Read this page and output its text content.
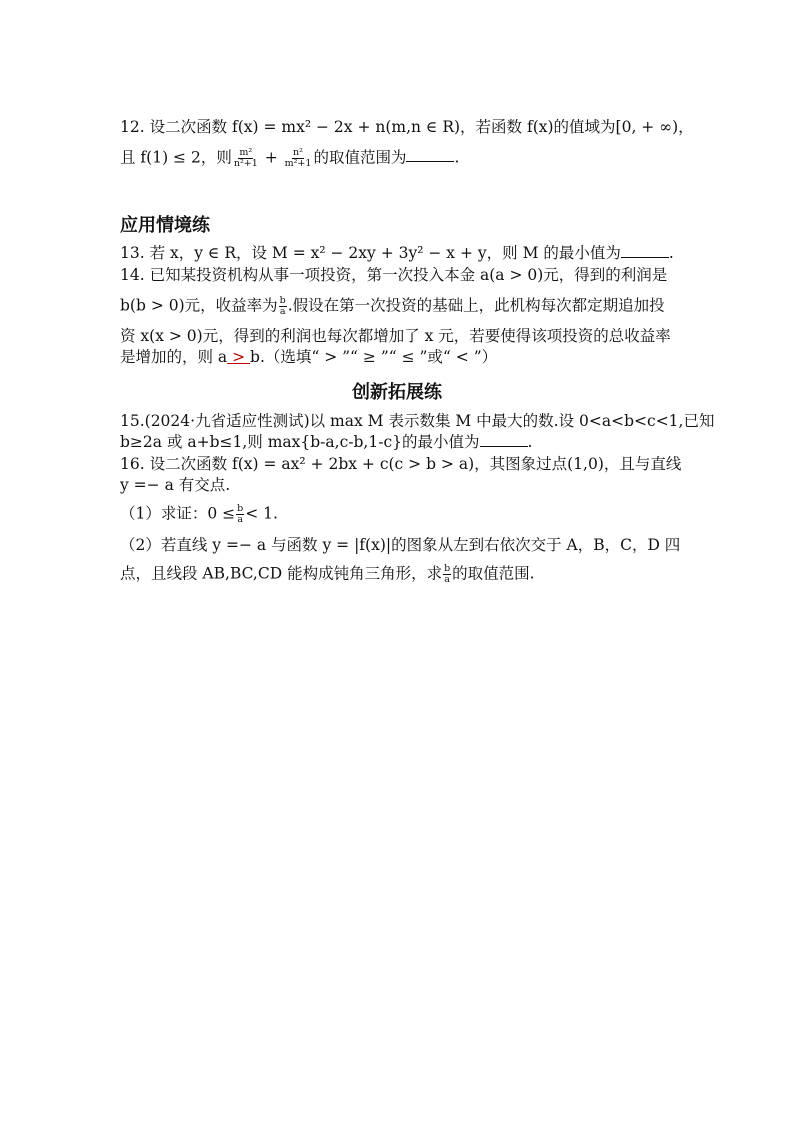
12. 设二次函数 f(x) = mx² − 2x + n(m,n ∈ R)，若函数 f(x)的值域为[0, + ∞)，
且 f(1) ≤ 2，则 $\frac{\text{m²}}{\text{n²+1}} + \frac{\text{n²}}{\text{m²+1}}$ 的取值范围为	.
应用情境练
13. 若 x，y ∈ R，设 M = x² − 2xy + 3y² − x + y，则 M 的最小值为	.
14. 已知某投资机构从事一项投资，第一次投入本金 a(a > 0)元，得到的利润是
b(b > 0)元，收益率为 $\frac{b}{a}$ .假设在第一次投资的基础上，此机构每次都定期追加投
资 x(x > 0)元，得到的利润也每次都增加了 x 元，若要使得该项投资的总收益率
是增加的，则 a > b.（选填“ > ”“ ≥ ”“ ≤ ”或“ < ”）
创新拓展练
15.(2024·九省适应性测试)以 max M 表示数集 M 中最大的数.设 0<a<b<c<1,已知
b≥2a 或 a+b≤1,则 max{b-a,c-b,1-c}的最小值为	.
16. 设二次函数 f(x) = ax² + 2bx + c(c > b > a)，其图象过点(1,0)，且与直线
y =− a 有交点.
（1）求证：$0 \le \frac{b}{a} < 1$.
（2）若直线 y =− a 与函数 y = |f(x)|的图象从左到右依次交于 A，B，C，D 四
点，且线段 AB,BC,CD 能构成钝角三角形，求 $\frac{b}{a}$ 的取值范围.
